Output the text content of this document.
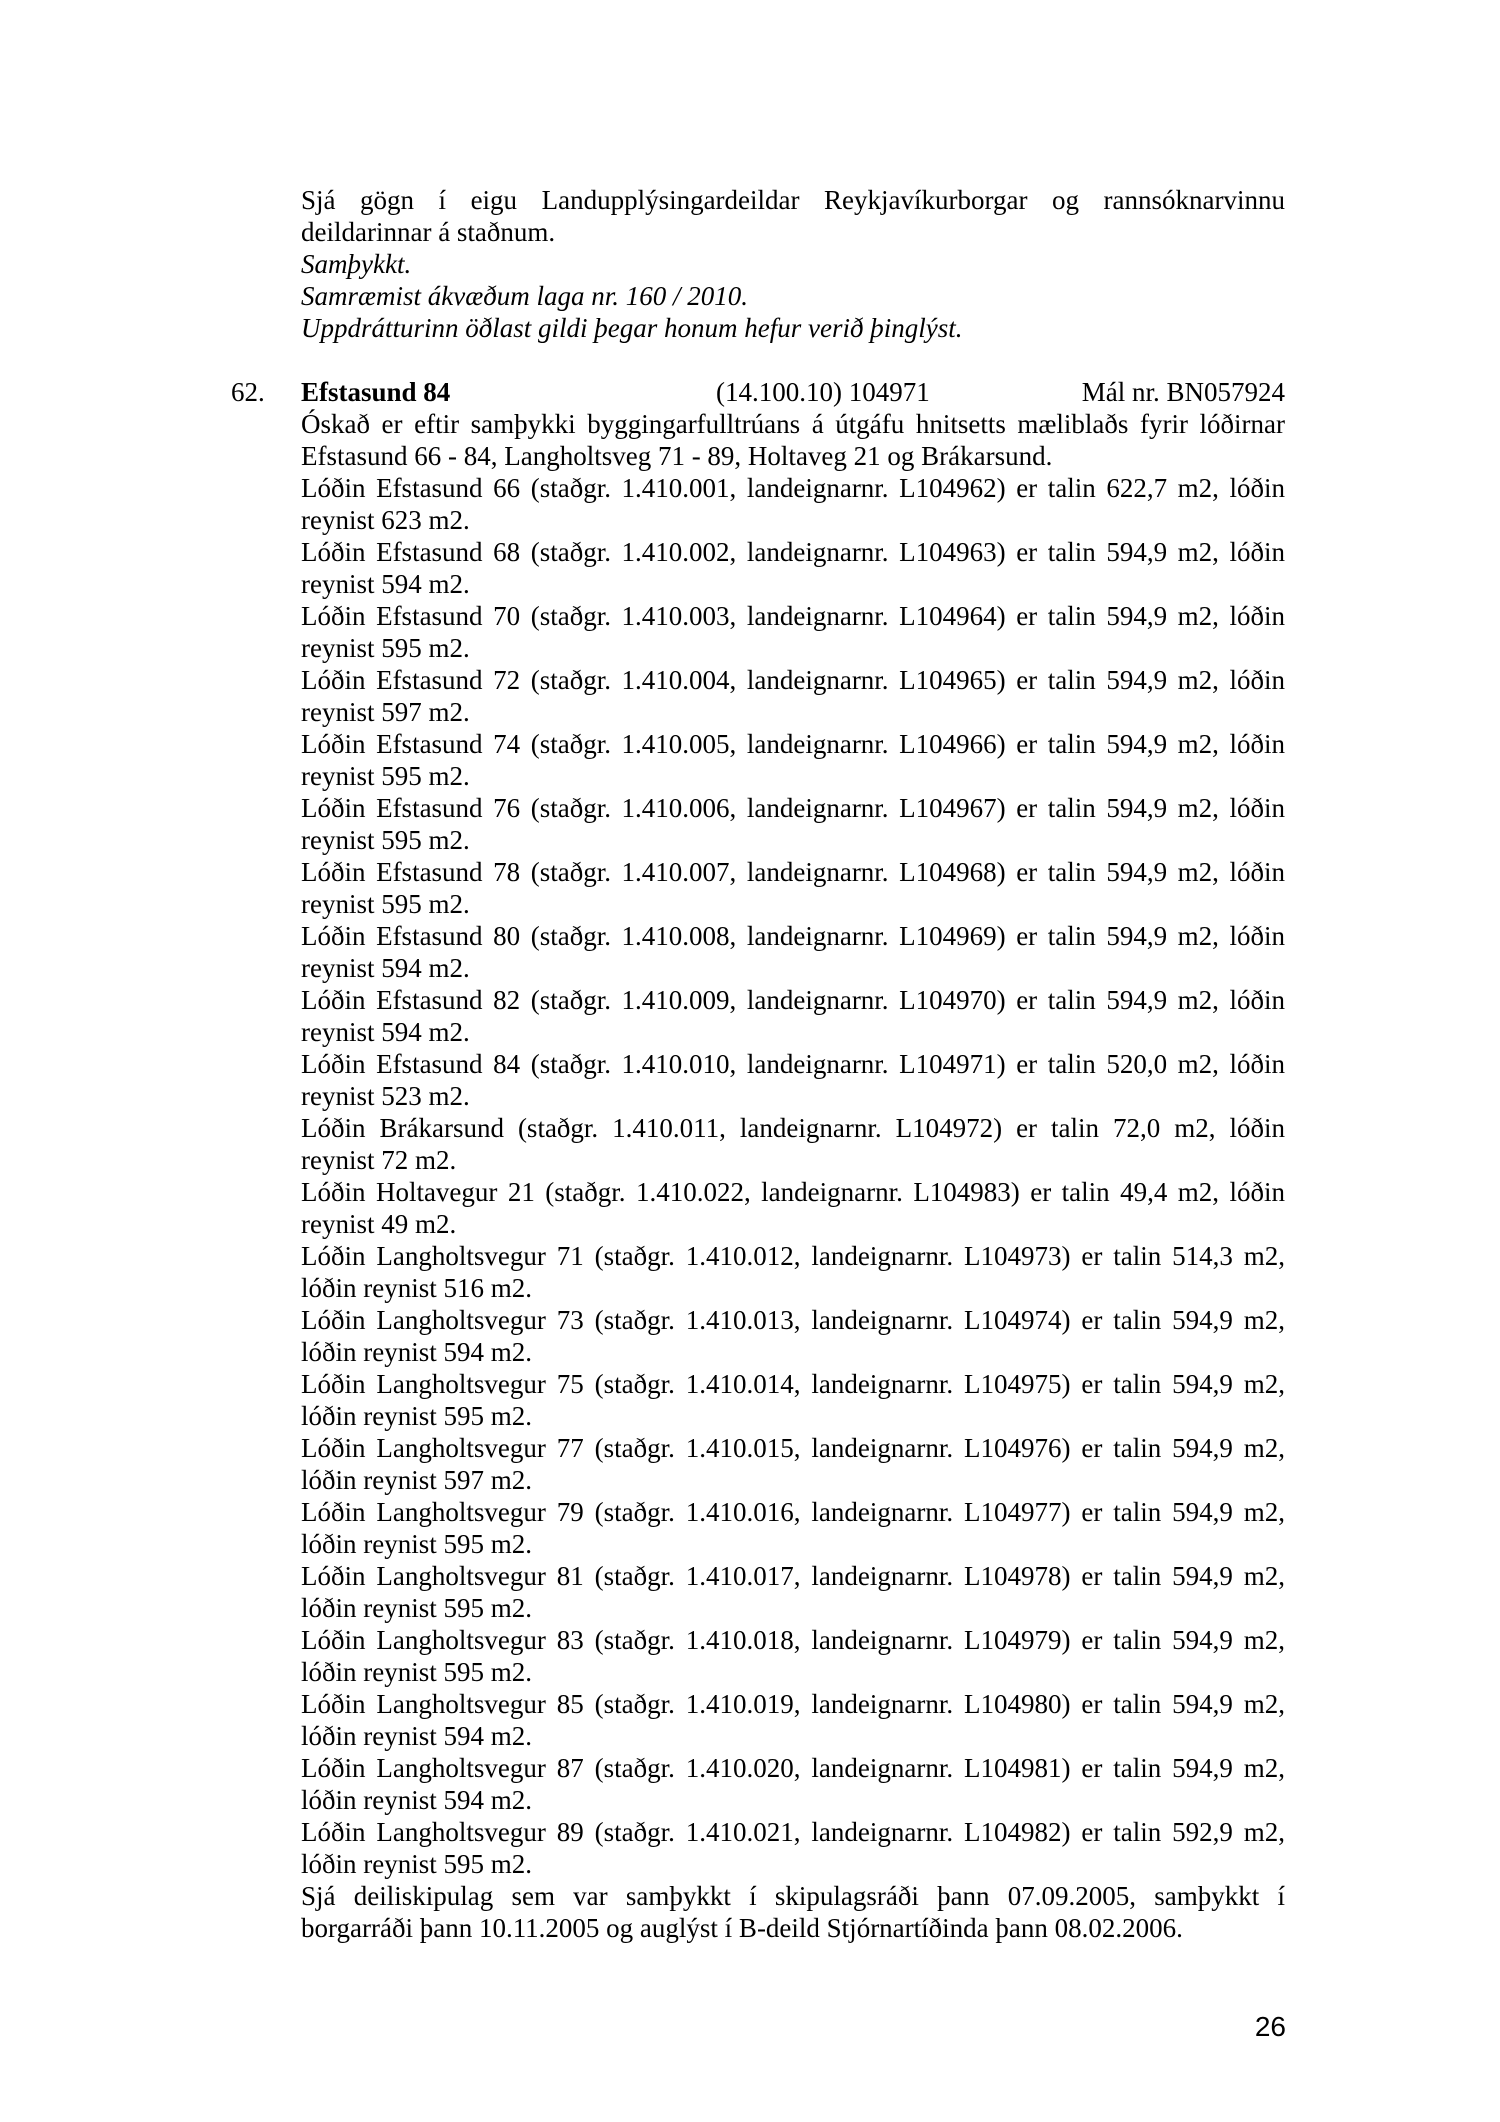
Sjá gögn í eigu Landupplýsingardeildar Reykjavíkurborgar og rannsóknarvinnu deildarinnar á staðnum.

Samþykkt.

Samræmist ákvæðum laga nr. 160 / 2010.

Uppdrátturinn öðlast gildi þegar honum hefur verið þinglýst.

62. Efstasund 84	(14.100.10) 104971	Mál nr. BN057924

Óskað er eftir samþykki byggingarfulltrúans á útgáfu hnitsetts mæliblaðs fyrir lóðirnar Efstasund 66 - 84, Langholtsveg 71 - 89, Holtaveg 21 og Brákarsund.

Lóðin Efstasund 66 (staðgr. 1.410.001, landeignarnr. L104962) er talin 622,7 m2, lóðin reynist 623 m2.

Lóðin Efstasund 68 (staðgr. 1.410.002, landeignarnr. L104963) er talin 594,9 m2, lóðin reynist 594 m2.

Lóðin Efstasund 70 (staðgr. 1.410.003, landeignarnr. L104964) er talin 594,9 m2, lóðin reynist 595 m2.

Lóðin Efstasund 72 (staðgr. 1.410.004, landeignarnr. L104965) er talin 594,9 m2, lóðin reynist 597 m2.

Lóðin Efstasund 74 (staðgr. 1.410.005, landeignarnr. L104966) er talin 594,9 m2, lóðin reynist 595 m2.

Lóðin Efstasund 76 (staðgr. 1.410.006, landeignarnr. L104967) er talin 594,9 m2, lóðin reynist 595 m2.

Lóðin Efstasund 78 (staðgr. 1.410.007, landeignarnr. L104968) er talin 594,9 m2, lóðin reynist 595 m2.

Lóðin Efstasund 80 (staðgr. 1.410.008, landeignarnr. L104969) er talin 594,9 m2, lóðin reynist 594 m2.

Lóðin Efstasund 82 (staðgr. 1.410.009, landeignarnr. L104970) er talin 594,9 m2, lóðin reynist 594 m2.

Lóðin Efstasund 84 (staðgr. 1.410.010, landeignarnr. L104971) er talin 520,0 m2, lóðin reynist 523 m2.

Lóðin Brákarsund (staðgr. 1.410.011, landeignarnr. L104972) er talin 72,0 m2, lóðin reynist 72 m2.

Lóðin Holtavegur 21 (staðgr. 1.410.022, landeignarnr. L104983) er talin 49,4 m2, lóðin reynist 49 m2.

Lóðin Langholtsvegur 71 (staðgr. 1.410.012, landeignarnr. L104973) er talin 514,3 m2, lóðin reynist 516 m2.

Lóðin Langholtsvegur 73 (staðgr. 1.410.013, landeignarnr. L104974) er talin 594,9 m2, lóðin reynist 594 m2.

Lóðin Langholtsvegur 75 (staðgr. 1.410.014, landeignarnr. L104975) er talin 594,9 m2, lóðin reynist 595 m2.

Lóðin Langholtsvegur 77 (staðgr. 1.410.015, landeignarnr. L104976) er talin 594,9 m2, lóðin reynist 597 m2.

Lóðin Langholtsvegur 79 (staðgr. 1.410.016, landeignarnr. L104977) er talin 594,9 m2, lóðin reynist 595 m2.

Lóðin Langholtsvegur 81 (staðgr. 1.410.017, landeignarnr. L104978) er talin 594,9 m2, lóðin reynist 595 m2.

Lóðin Langholtsvegur 83 (staðgr. 1.410.018, landeignarnr. L104979) er talin 594,9 m2, lóðin reynist 595 m2.

Lóðin Langholtsvegur 85 (staðgr. 1.410.019, landeignarnr. L104980) er talin 594,9 m2, lóðin reynist 594 m2.

Lóðin Langholtsvegur 87 (staðgr. 1.410.020, landeignarnr. L104981) er talin 594,9 m2, lóðin reynist 594 m2.

Lóðin Langholtsvegur 89 (staðgr. 1.410.021, landeignarnr. L104982) er talin 592,9 m2, lóðin reynist 595 m2.

Sjá deiliskipulag sem var samþykkt í skipulagsráði þann 07.09.2005, samþykkt í borgarráði þann 10.11.2005 og auglýst í B-deild Stjórnartíðinda þann 08.02.2006.

26
